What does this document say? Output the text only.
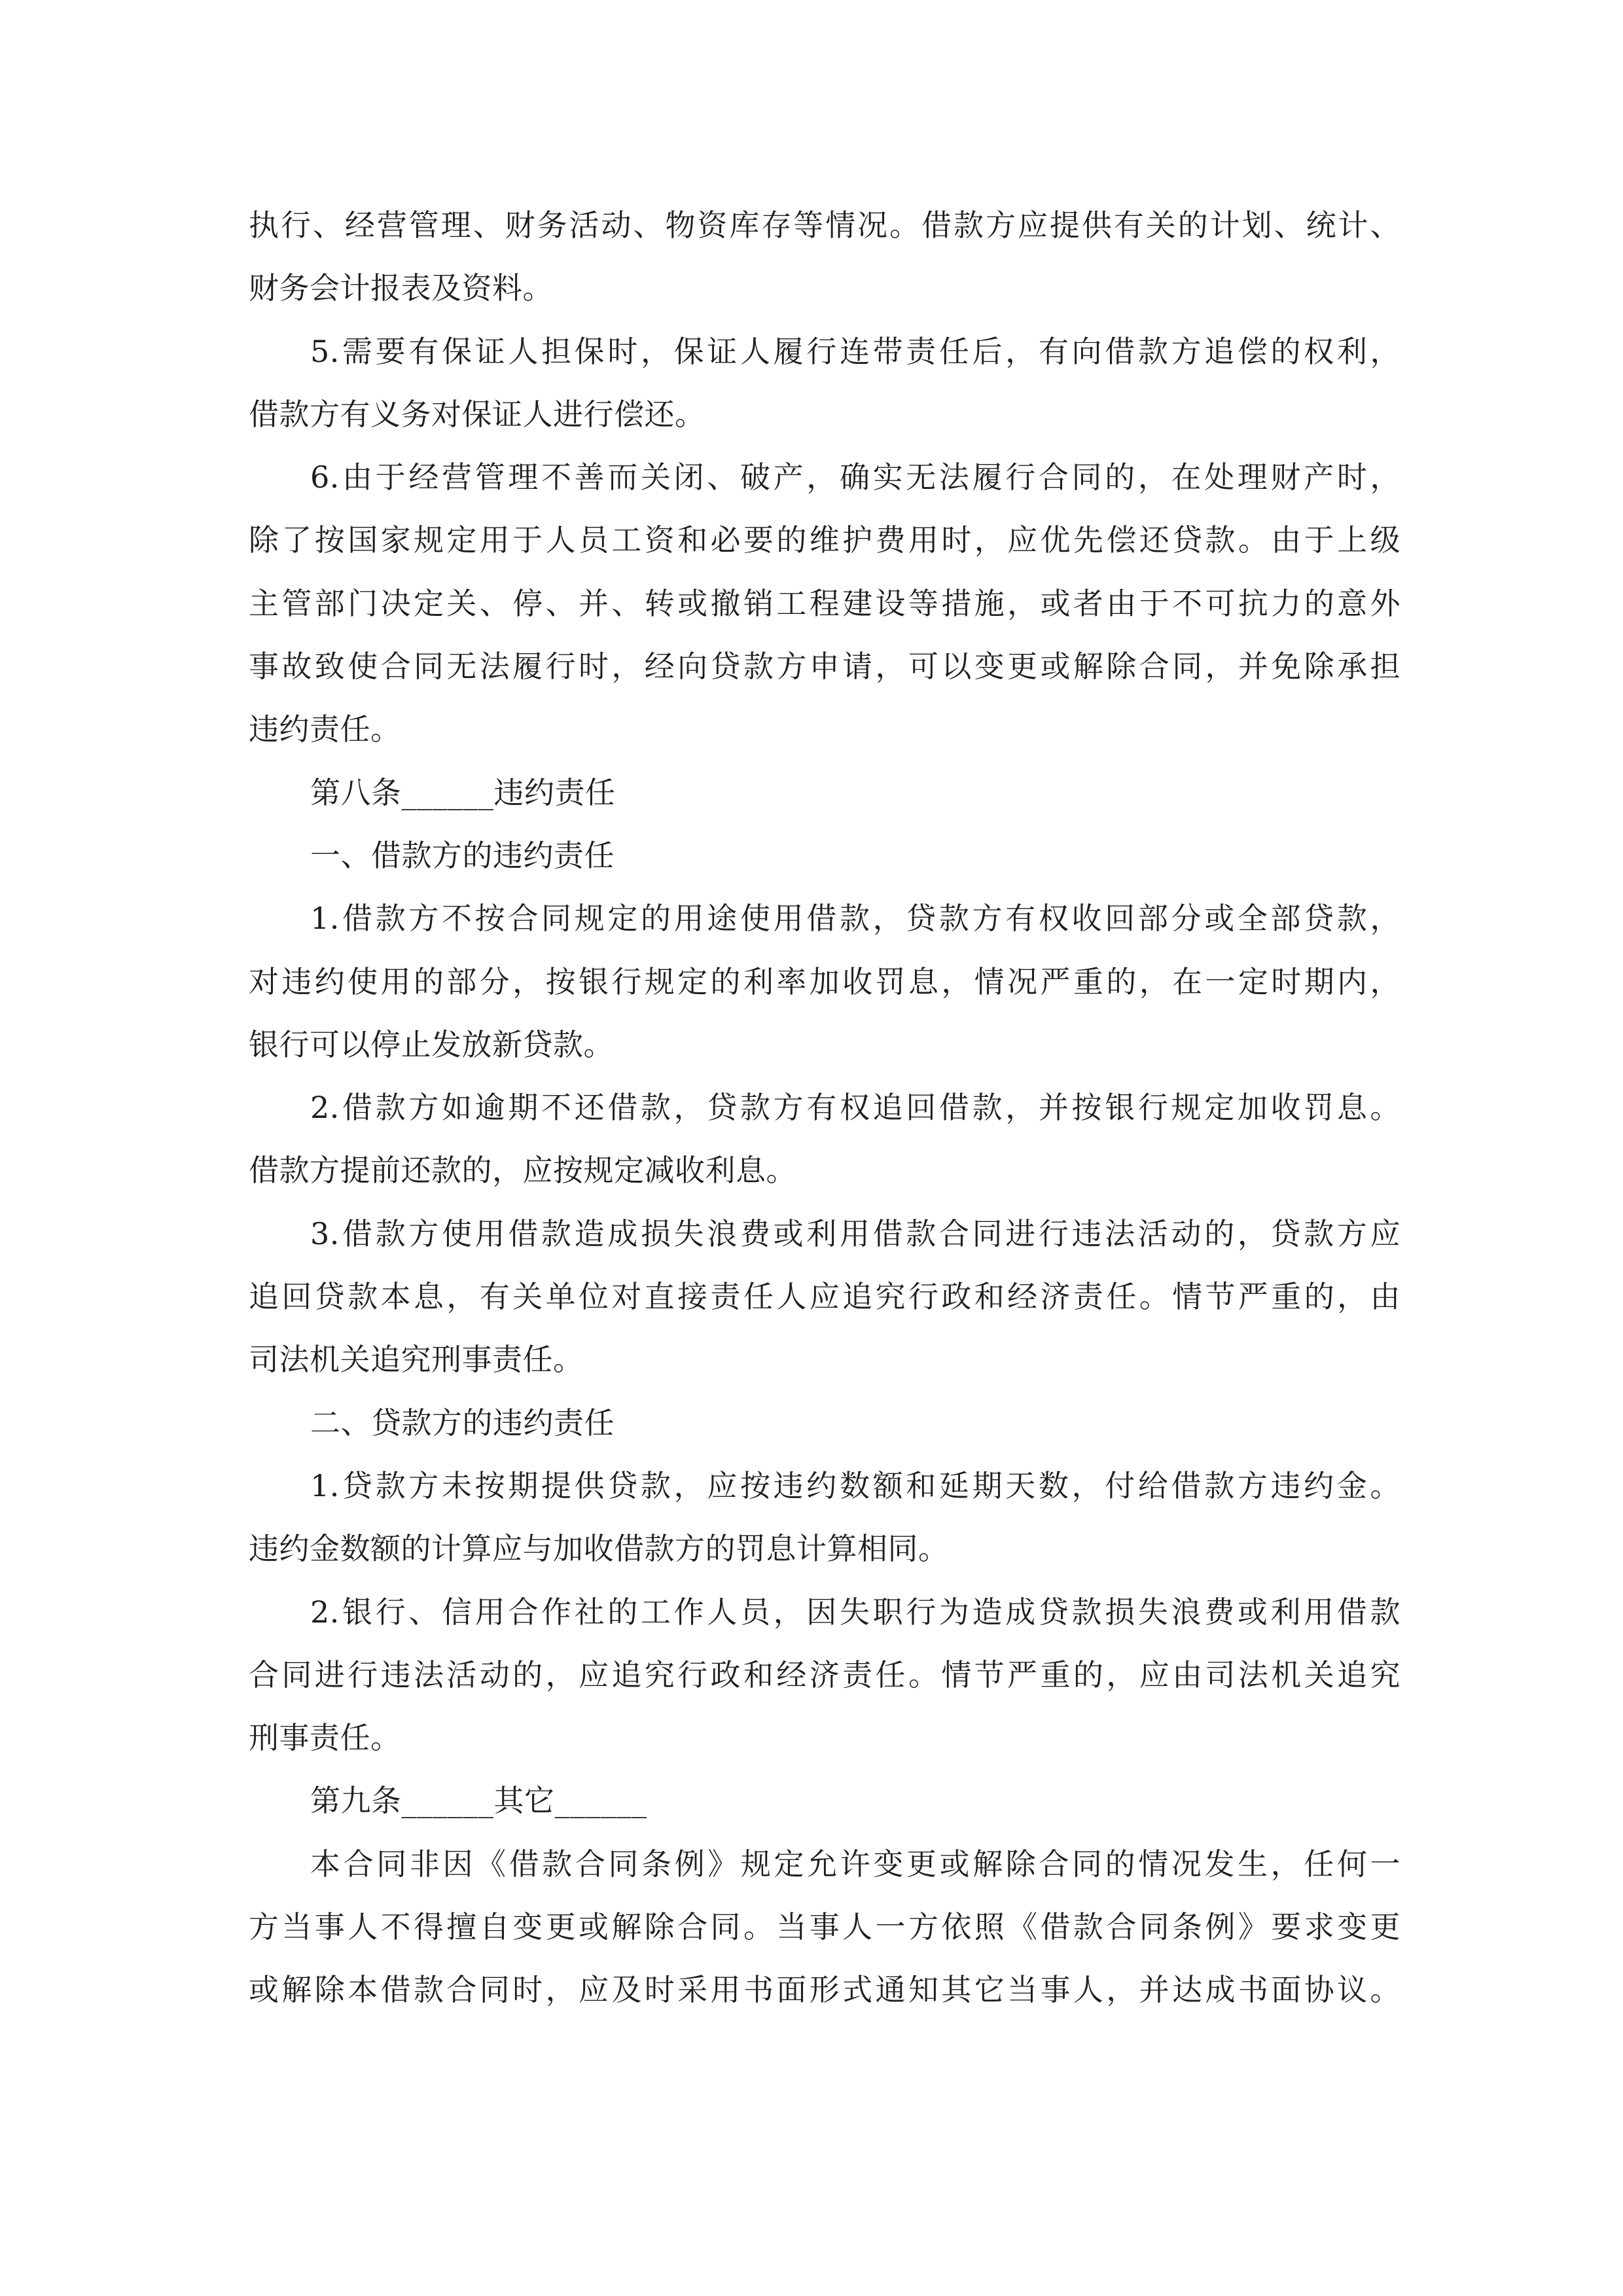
执行、经营管理、财务活动、物资库存等情况。借款方应提供有关的计划、统计、
财务会计报表及资料。
5.需要有保证人担保时，保证人履行连带责任后，有向借款方追偿的权利，
借款方有义务对保证人进行偿还。
6.由于经营管理不善而关闭、破产，确实无法履行合同的，在处理财产时，
除了按国家规定用于人员工资和必要的维护费用时，应优先偿还贷款。由于上级
主管部门决定关、停、并、转或撤销工程建设等措施，或者由于不可抗力的意外
事故致使合同无法履行时，经向贷款方申请，可以变更或解除合同，并免除承担
违约责任。
第八条______违约责任
一、借款方的违约责任
1.借款方不按合同规定的用途使用借款，贷款方有权收回部分或全部贷款，
对违约使用的部分，按银行规定的利率加收罚息，情况严重的，在一定时期内，
银行可以停止发放新贷款。
2.借款方如逾期不还借款，贷款方有权追回借款，并按银行规定加收罚息。
借款方提前还款的，应按规定减收利息。
3.借款方使用借款造成损失浪费或利用借款合同进行违法活动的，贷款方应
追回贷款本息，有关单位对直接责任人应追究行政和经济责任。情节严重的，由
司法机关追究刑事责任。
二、贷款方的违约责任
1.贷款方未按期提供贷款，应按违约数额和延期天数，付给借款方违约金。
违约金数额的计算应与加收借款方的罚息计算相同。
2.银行、信用合作社的工作人员，因失职行为造成贷款损失浪费或利用借款
合同进行违法活动的，应追究行政和经济责任。情节严重的，应由司法机关追究
刑事责任。
第九条______其它______
本合同非因《借款合同条例》规定允许变更或解除合同的情况发生，任何一
方当事人不得擅自变更或解除合同。当事人一方依照《借款合同条例》要求变更
或解除本借款合同时，应及时采用书面形式通知其它当事人，并达成书面协议。
